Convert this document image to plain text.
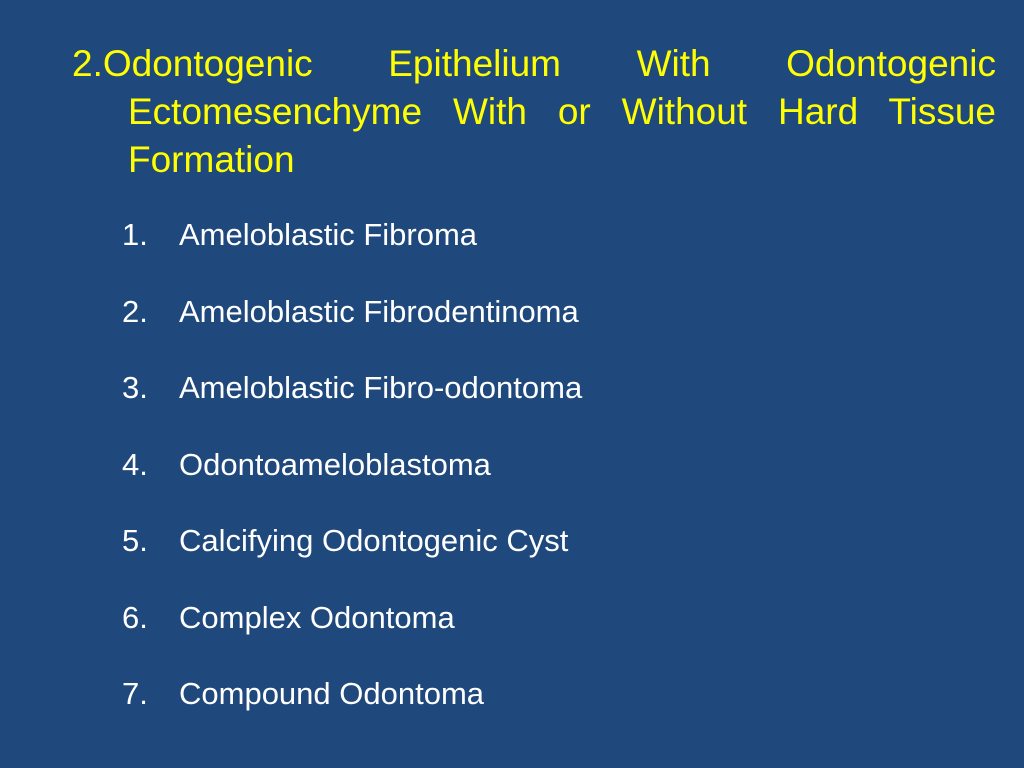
2.Odontogenic Epithelium With Odontogenic
Ectomesenchyme With or Without Hard Tissue
Formation
1.	Ameloblastic Fibroma
2.	Ameloblastic Fibrodentinoma
3.	Ameloblastic Fibro-odontoma
4.	Odontoameloblastoma
5.	Calcifying Odontogenic Cyst
6.	Complex Odontoma
7.	Compound Odontoma
